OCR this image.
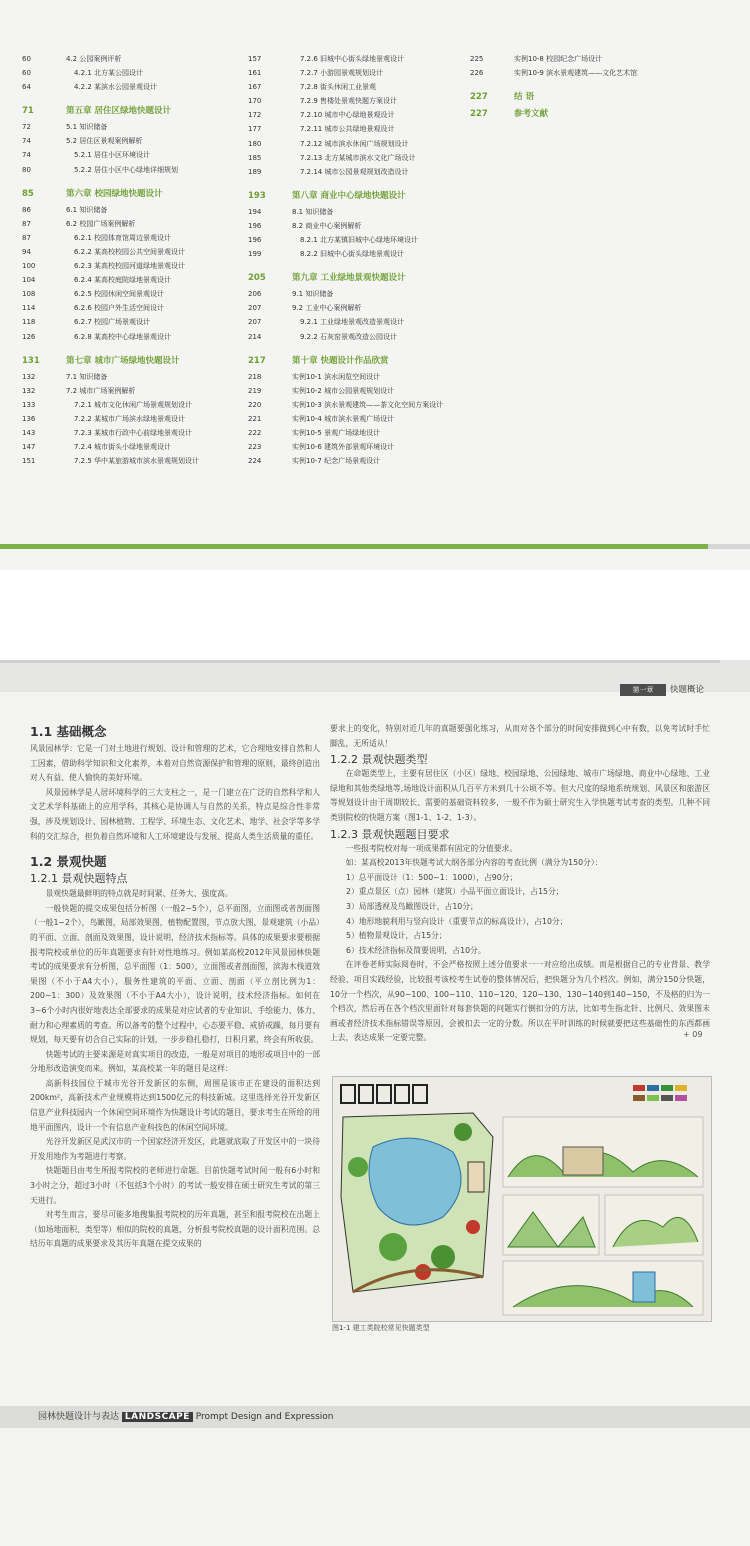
60	4.2 公园案例评析
60	4.2.1 北方某公园设计
64	4.2.2 某滨水公园景观设计
71	第五章 居住区绿地快题设计
72	5.1 知识储备
74	5.2 居住区景观案例解析
74	5.2.1 居住小区环境设计
80	5.2.2 居住小区中心绿地详细规划
85	第六章 校园绿地快题设计
86	6.1 知识储备
87	6.2 校园广场案例解析
87	6.2.1 校园体育馆周边景观设计
94	6.2.2 某高校校园公共空间景观设计
100	6.2.3 某高校校园河道绿地景观设计
104	6.2.4 某高校庭院绿地景观设计
108	6.2.5 校园休闲空间景观设计
114	6.2.6 校园户外生活空间设计
118	6.2.7 校园广场景观设计
126	6.2.8 某高校中心绿地景观设计
131	第七章 城市广场绿地快题设计
132	7.1 知识储备
132	7.2 城市广场案例解析
133	7.2.1 城市文化休闲广场景观规划设计
136	7.2.2 某城市广场滨水绿地景观设计
143	7.2.3 某城市行政中心前绿地景观设计
147	7.2.4 城市街头小绿地景观设计
151	7.2.5 华中某旅游城市滨水景观规划设计
157	7.2.6 旧城中心街头绿地景观设计
161	7.2.7 小游园景观规划设计
167	7.2.8 街头休闲工业景观
170	7.2.9 售楼处景观快题方案设计
172	7.2.10 城市中心绿地景观设计
177	7.2.11 城市公共绿地景观设计
180	7.2.12 城市滨水休闲广场规划设计
185	7.2.13 北方某城市滨水文化广场设计
189	7.2.14 城市公园景观规划改造设计
193	第八章 商业中心绿地快题设计
194	8.1 知识储备
196	8.2 商业中心案例解析
196	8.2.1 北方某镇旧城中心绿地环境设计
199	8.2.2 旧城中心街头绿地景观设计
205	第九章 工业绿地景观快题设计
206	9.1 知识储备
207	9.2 工业中心案例解析
207	9.2.1 工业绿地景观改造景观设计
214	9.2.2 石灰窑景观改造公园设计
217	第十章 快题设计作品欣赏
218	实例10-1 滨水闲览空间设计
219	实例10-2 城市公园景观规划设计
220	实例10-3 滨水景观建筑——茶文化空间方案设计
221	实例10-4 城市滨水景观广场设计
222	实例10-5 景观广场绿地设计
223	实例10-6 建筑外部景观环境设计
224	实例10-7 纪念广场景观设计
225	实例10-8 校园纪念广场设计
226	实例10-9 滨水景观建筑——文化艺术馆
227	结 语
227	参考文献
第一章	快题概论
1.1 基础概念

风景园林学：它是一门对土地进行规划、设计和管理的艺术，它合理地安排自然和人工因素，借助科学知识和文化素养，本着对自然资源保护和管理的原则，最终创造出对人有益、使人愉快的美好环境。

风景园林学是人居环境科学的三大支柱之一，是一门建立在广泛的自然科学和人文艺术学科基础上的应用学科，其核心是协调人与自然的关系，特点是综合性非常强，涉及规划设计、园林植物、工程学、环境生态、文化艺术、地学、社会学等多学科的交汇综合，担负着自然环境和人工环境建设与发展、提高人类生活质量的重任。

1.2 景观快题
1.2.1 景观快题特点

景观快题最鲜明的特点就是时间紧、任务大、强度高。

一般快题的提交成果包括分析图（一般2~5个），总平面图，立面图或者剖面图（一般1~2个），鸟瞰图，局部效果图，植物配置图，节点放大图，景观建筑（小品）的平面、立面、剖面及效果图，设计说明，经济技术指标等。具体的成果要求要根据报考院校或单位的历年真题要求有针对性地练习。例如某高校2012年风景园林快题考试的成果要求有分析图，总平面图（1：500），立面图或者剖面图，滨海木栈道效果图（不小于A4大小），服务性建筑的平面、立面、剖面（平立剖比例为1：200~1：300）及效果图（不小于A4大小），设计说明，技术经济指标。如何在3~6个小时内很好地表达全部要求的成果是对应试者的专业知识、手绘能力、体力、耐力和心理素质的考查。所以备考的整个过程中，心态要平稳、戒骄戒躁，每月要有规划，每天要有切合自己实际的计划，一步步稳扎稳打，日积月累，终会有所收获。

快题考试的主要来源是对真实项目的改造，一般是对项目的地形或项目中的一部分地形改造演变而来。例如，某高校某一年的题目是这样：

高新科技园位于城市光谷开发新区的东侧，周围是该市正在建设的面积达到200km²，高新技术产业规模将达到1500亿元的科技新城。这里选择光谷开发新区信息产业科技园内一个休闲空间环境作为快题设计考试的题目，要求考生在所给的用地平面图内，设计一个有信息产业科技色的休闲空间环境。

光谷开发新区是武汉市的一个国家经济开发区，此题就底取了开发区中的一块待开发用地作为考题进行考察。

快题题目由考生所报考院校的老师进行命题。目前快题考试时间一般有6小时和3小时之分，超过3小时（不包括3个小时）的考试一般安排在硕士研究生考试的第三天进行。

对考生而言，要尽可能多地搜集报考院校的历年真题，甚至和报考院校在出题上（如场地面积、类型等）相似的院校的真题，分析报考院校真题的设计面积范围。总结历年真题的成果要求及其历年真题在提交成果的

要求上的变化，特别对近几年的真题要强化练习，从而对各个部分的时间安排做到心中有数，以免考试时手忙脚乱，无所适从！

1.2.2 景观快题类型

在命题类型上，主要有居住区（小区）绿地、校园绿地、公园绿地、城市广场绿地、商业中心绿地、工业绿地和其他类绿地等,场地设计面积从几百平方米到几十公顷不等。但大尺度的绿地系统规划、风景区和旅游区等规划设计由于周期较长、需要的基础资料较多，一般不作为硕士研究生入学快题考试考查的类型。几种不同类别院校的快题方案（图1-1、1-2、1-3）。

1.2.3 景观快题题目要求

一些报考院校对每一项成果都有固定的分值要求。

如：某高校2013年快题考试大纲各部分内容的考查比例（满分为150分）：

1）总平面设计（1：500~1：1000），占90分；
2）重点景区（点）园林（建筑）小品平面立面设计，占15分；
3）局部透视及鸟瞰图设计，占10分；
4）地形地貌利用与竖向设计（重要节点的标高设计），占10分；
5）植物景观设计，占15分；
6）技术经济指标及简要说明，占10分。

在评卷老师实际阅卷时，不会严格按照上述分值要求一一对应给出成绩。而是根据自己的专业背景、教学经验、项目实践经验，比较报考该校考生试卷的整体情况后，把快题分为几个档次。例如，满分150分快题，10分一个档次，从90~100、100~110、110~120、120~130、130~140到140~150，不及格的归为一个档次，然后再在各个档次里面针对每套快题的问题实行倒扣分的方法，比如考生指北针、比例尺、效果图未画或者经济技术指标错误等原因，会被扣去一定的分数。所以在平时训练的时候就要把这些基础性的东西都画上去，表达成果一定要完整。

图1-1 建工类院校常见快题类型
+ 09
园林快题设计与表达 LANDSCAPE Prompt Design and Expression
